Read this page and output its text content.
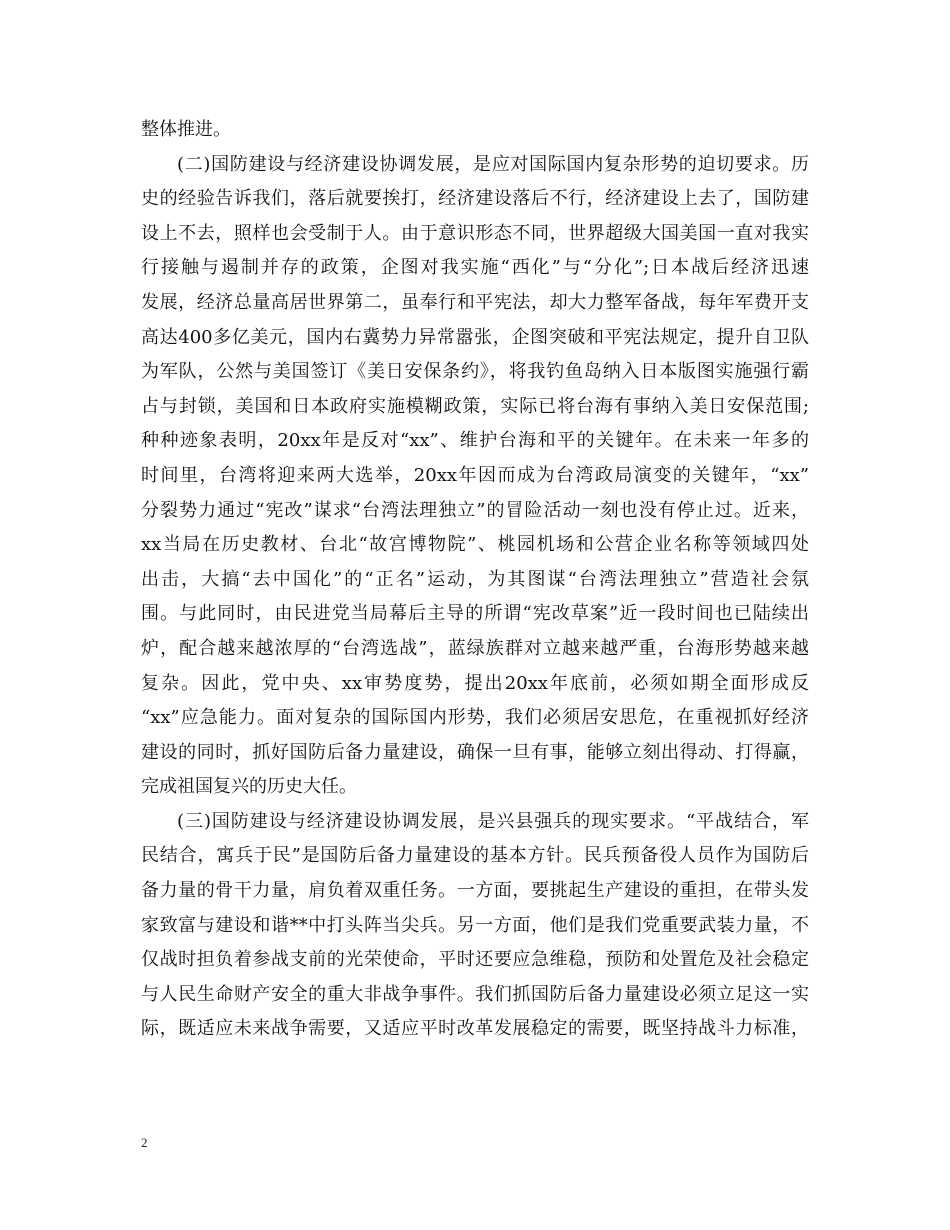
整体推进。
(二)国防建设与经济建设协调发展，是应对国际国内复杂形势的迫切要求。历
史的经验告诉我们，落后就要挨打，经济建设落后不行，经济建设上去了，国防建
设上不去，照样也会受制于人。由于意识形态不同，世界超级大国美国一直对我实
行接触与遏制并存的政策，企图对我实施“西化”与“分化”;日本战后经济迅速
发展，经济总量高居世界第二，虽奉行和平宪法，却大力整军备战，每年军费开支
高达400多亿美元，国内右冀势力异常嚣张，企图突破和平宪法规定，提升自卫队
为军队，公然与美国签订《美日安保条约》，将我钓鱼岛纳入日本版图实施强行霸
占与封锁，美国和日本政府实施模糊政策，实际已将台海有事纳入美日安保范围;
种种迹象表明，20xx年是反对“xx”、维护台海和平的关键年。在未来一年多的
时间里，台湾将迎来两大选举，20xx年因而成为台湾政局演变的关键年，“xx”
分裂势力通过“宪改”谋求“台湾法理独立”的冒险活动一刻也没有停止过。近来，
xx当局在历史教材、台北“故宫博物院”、桃园机场和公营企业名称等领域四处
出击，大搞“去中国化”的“正名”运动，为其图谋“台湾法理独立”营造社会氛
围。与此同时，由民进党当局幕后主导的所谓“宪改草案”近一段时间也已陆续出
炉，配合越来越浓厚的“台湾选战”，蓝绿族群对立越来越严重，台海形势越来越
复杂。因此，党中央、xx审势度势，提出20xx年底前，必须如期全面形成反
“xx”应急能力。面对复杂的国际国内形势，我们必须居安思危，在重视抓好经济
建设的同时，抓好国防后备力量建设，确保一旦有事，能够立刻出得动、打得赢，
完成祖国复兴的历史大任。
(三)国防建设与经济建设协调发展，是兴县强兵的现实要求。“平战结合，军
民结合，寓兵于民”是国防后备力量建设的基本方针。民兵预备役人员作为国防后
备力量的骨干力量，肩负着双重任务。一方面，要挑起生产建设的重担，在带头发
家致富与建设和谐**中打头阵当尖兵。另一方面，他们是我们党重要武装力量，不
仅战时担负着参战支前的光荣使命，平时还要应急维稳，预防和处置危及社会稳定
与人民生命财产安全的重大非战争事件。我们抓国防后备力量建设必须立足这一实
际，既适应未来战争需要，又适应平时改革发展稳定的需要，既坚持战斗力标准，
2
